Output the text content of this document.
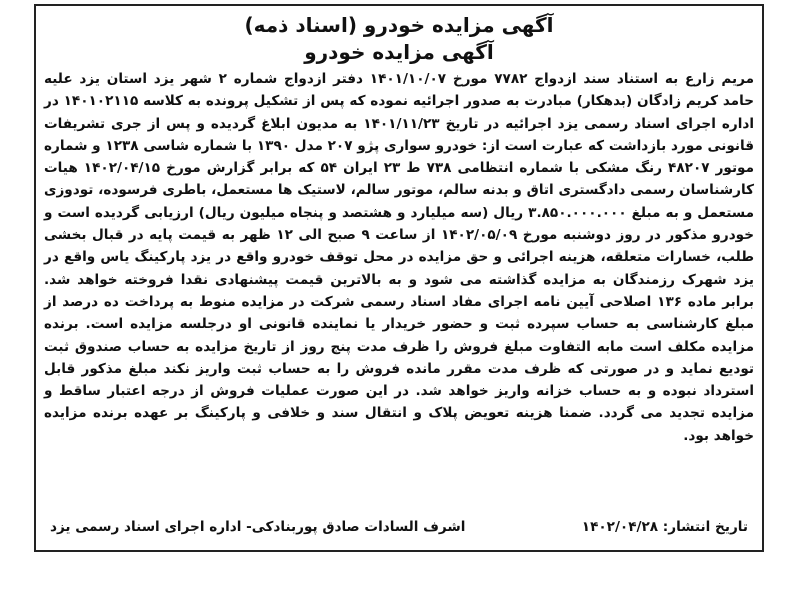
آگهی مزایده خودرو (اسناد ذمه)

آگهی مزایده خودرو

مریم زارع به استناد سند ازدواج ۷۷۸۲ مورخ ۱۴۰۱/۱۰/۰۷ دفتر ازدواج شماره ۲ شهر یزد استان یزد علیه حامد کریم زادگان (بدهکار) مبادرت به صدور اجرائیه نموده که پس از تشکیل پرونده به کلاسه ۱۴۰۱۰۲۱۱۵ در اداره اجرای اسناد رسمی یزد اجرائیه در تاریخ ۱۴۰۱/۱۱/۲۳ به مدیون ابلاغ گردیده و پس از جری تشریفات قانونی مورد بازداشت که عبارت است از: خودرو سواری پژو ۲۰۷ مدل ۱۳۹۰ با شماره شاسی ۱۲۳۸ و شماره موتور ۴۸۲۰۷ رنگ مشکی با شماره انتظامی ۷۳۸ ط ۲۳ ایران ۵۴ که برابر گزارش مورخ ۱۴۰۲/۰۴/۱۵ هیات کارشناسان رسمی دادگستری اتاق و بدنه سالم، موتور سالم، لاستیک ها مستعمل، باطری فرسوده، تودوزی مستعمل و به مبلغ ۳.۸۵۰.۰۰۰.۰۰۰ ریال (سه میلیارد و هشتصد و پنجاه میلیون ریال) ارزیابی گردیده است و خودرو مذکور در روز دوشنبه مورخ ۱۴۰۲/۰۵/۰۹ از ساعت ۹ صبح الی ۱۲ ظهر به قیمت پایه در قبال بخشی طلب، خسارات متعلقه، هزینه اجرائی و حق مزایده در محل توقف خودرو واقع در یزد پارکینگ یاس واقع در یزد شهرک رزمندگان به مزایده گذاشته می شود و به بالاترین قیمت پیشنهادی نقدا فروخته خواهد شد. برابر ماده ۱۳۶ اصلاحی آیین نامه اجرای مفاد اسناد رسمی شرکت در مزایده منوط به پرداخت ده درصد از مبلغ کارشناسی به حساب سپرده ثبت و حضور خریدار یا نماینده قانونی او درجلسه مزایده است. برنده مزایده مکلف است مابه التفاوت مبلغ فروش را ظرف مدت پنج روز از تاریخ مزایده به حساب صندوق ثبت تودیع نماید و در صورتی که ظرف مدت مقرر مانده فروش را به حساب ثبت واریز نکند مبلغ مذکور قابل استرداد نبوده و به حساب خزانه واریز خواهد شد. در این صورت عملیات فروش از درجه اعتبار ساقط و مزایده تجدید می گردد. ضمنا هزینه تعویض پلاک و انتقال سند و خلافی و پارکینگ بر عهده برنده مزایده خواهد بود.

تاریخ انتشار: ۱۴۰۲/۰۴/۲۸
اشرف السادات صادق پوربنادکی- اداره اجرای اسناد رسمی یزد
